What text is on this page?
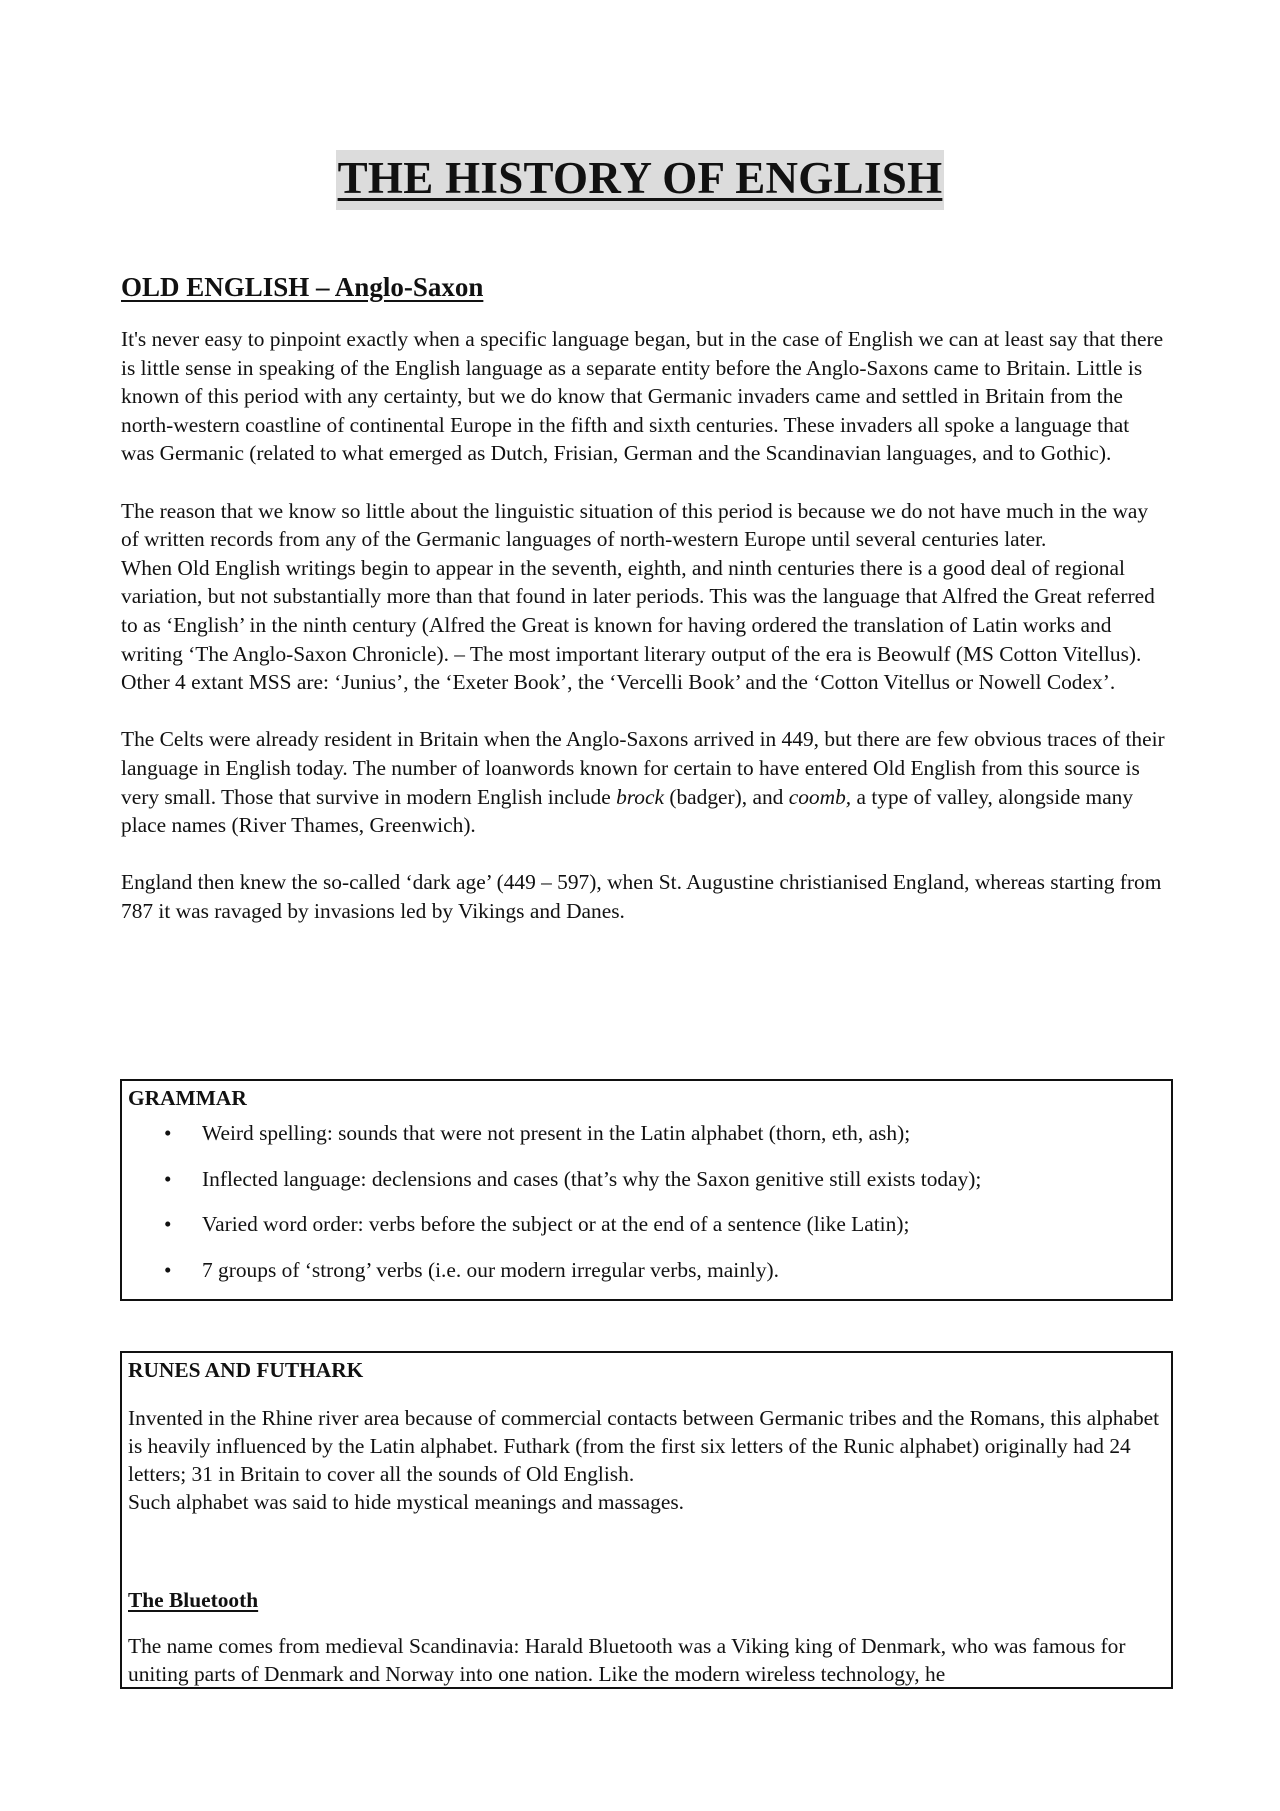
THE HISTORY OF ENGLISH
OLD ENGLISH – Anglo-Saxon

It's never easy to pinpoint exactly when a specific language began, but in the case of English we can at least say that there is little sense in speaking of the English language as a separate entity before the Anglo-Saxons came to Britain. Little is known of this period with any certainty, but we do know that Germanic invaders came and settled in Britain from the north-western coastline of continental Europe in the fifth and sixth centuries. These invaders all spoke a language that was Germanic (related to what emerged as Dutch, Frisian, German and the Scandinavian languages, and to Gothic).

The reason that we know so little about the linguistic situation of this period is because we do not have much in the way of written records from any of the Germanic languages of north-western Europe until several centuries later.

When Old English writings begin to appear in the seventh, eighth, and ninth centuries there is a good deal of regional variation, but not substantially more than that found in later periods. This was the language that Alfred the Great referred to as ‘English’ in the ninth century (Alfred the Great is known for having ordered the translation of Latin works and writing ‘The Anglo-Saxon Chronicle). – The most important literary output of the era is Beowulf (MS Cotton Vitellus). Other 4 extant MSS are: ‘Junius’, the ‘Exeter Book’, the ‘Vercelli Book’ and the ‘Cotton Vitellus or Nowell Codex’.

The Celts were already resident in Britain when the Anglo-Saxons arrived in 449, but there are few obvious traces of their language in English today. The number of loanwords known for certain to have entered Old English from this source is very small. Those that survive in modern English include brock (badger), and coomb, a type of valley, alongside many place names (River Thames, Greenwich).

England then knew the so-called ‘dark age’ (449 – 597), when St. Augustine christianised England, whereas starting from 787 it was ravaged by invasions led by Vikings and Danes.

GRAMMAR
• Weird spelling: sounds that were not present in the Latin alphabet (thorn, eth, ash);
• Inflected language: declensions and cases (that’s why the Saxon genitive still exists today);
• Varied word order: verbs before the subject or at the end of a sentence (like Latin);
• 7 groups of ‘strong’ verbs (i.e. our modern irregular verbs, mainly).
RUNES AND FUTHARK

Invented in the Rhine river area because of commercial contacts between Germanic tribes and the Romans, this alphabet is heavily influenced by the Latin alphabet. Futhark (from the first six letters of the Runic alphabet) originally had 24 letters; 31 in Britain to cover all the sounds of Old English.

Such alphabet was said to hide mystical meanings and massages.

The Bluetooth
The name comes from medieval Scandinavia: Harald Bluetooth was a Viking king of Denmark, who was famous for uniting parts of Denmark and Norway into one nation. Like the modern wireless technology, he
